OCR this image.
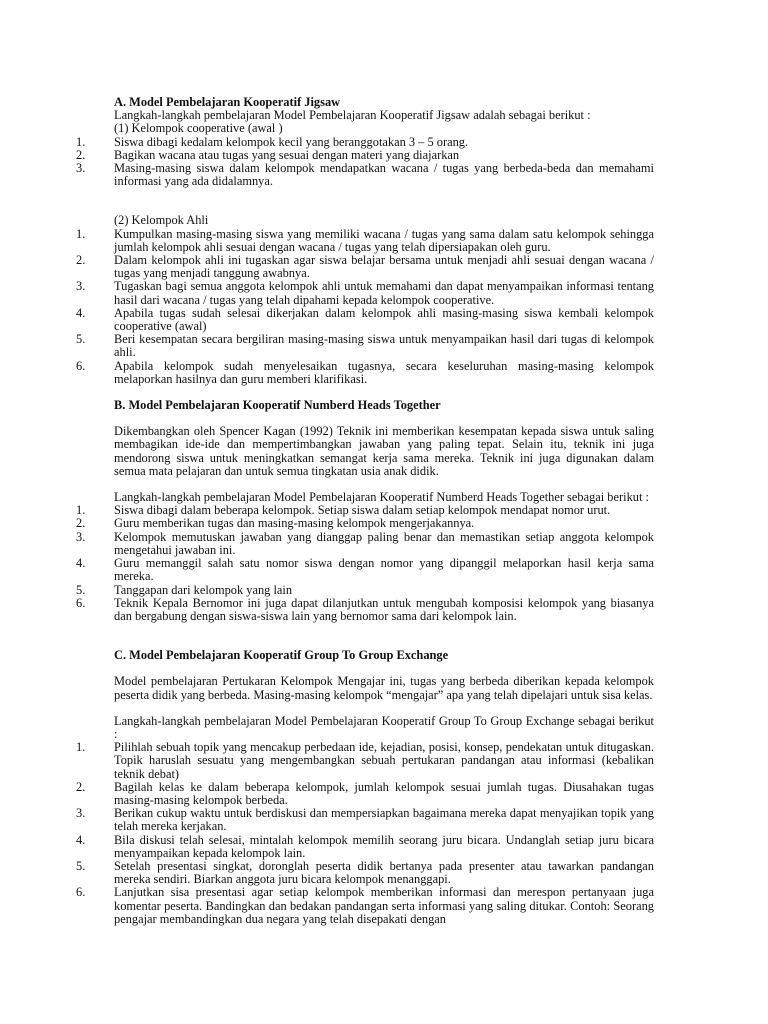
A. Model Pembelajaran Kooperatif Jigsaw
Langkah-langkah pembelajaran Model Pembelajaran Kooperatif Jigsaw adalah sebagai berikut :
(1) Kelompok cooperative (awal )
1.	Siswa dibagi kedalam kelompok kecil yang beranggotakan 3 – 5 orang.
2.	Bagikan wacana atau tugas yang sesuai dengan materi yang diajarkan
3.	Masing-masing siswa dalam kelompok mendapatkan wacana / tugas yang berbeda-beda dan memahami informasi yang ada didalamnya.
(2) Kelompok Ahli
1.	Kumpulkan masing-masing siswa yang memiliki wacana / tugas yang sama dalam satu kelompok sehingga jumlah kelompok ahli sesuai dengan wacana / tugas yang telah dipersiapakan oleh guru.
2.	Dalam kelompok ahli ini tugaskan agar siswa belajar bersama untuk menjadi ahli sesuai dengan wacana / tugas yang menjadi tanggung awabnya.
3.	Tugaskan bagi semua anggota kelompok ahli untuk memahami dan dapat menyampaikan informasi tentang hasil dari wacana / tugas yang telah dipahami kepada kelompok cooperative.
4.	Apabila tugas sudah selesai dikerjakan dalam kelompok ahli masing-masing siswa kembali kelompok cooperative (awal)
5.	Beri kesempatan secara bergiliran masing-masing siswa untuk menyampaikan hasil dari tugas di kelompok ahli.
6.	Apabila kelompok sudah menyelesaikan tugasnya, secara keseluruhan masing-masing kelompok melaporkan hasilnya dan guru memberi klarifikasi.
B. Model Pembelajaran Kooperatif Numberd Heads Together
Dikembangkan oleh Spencer Kagan (1992) Teknik ini memberikan kesempatan kepada siswa untuk saling membagikan ide-ide dan mempertimbangkan jawaban yang paling tepat. Selain itu, teknik ini juga mendorong siswa untuk meningkatkan semangat kerja sama mereka. Teknik ini juga digunakan dalam semua mata pelajaran dan untuk semua tingkatan usia anak didik.
Langkah-langkah pembelajaran Model Pembelajaran Kooperatif Numberd Heads Together sebagai berikut :
1.	Siswa dibagi dalam beberapa kelompok. Setiap siswa dalam setiap kelompok mendapat nomor urut.
2.	Guru memberikan tugas dan masing-masing kelompok mengerjakannya.
3.	Kelompok memutuskan jawaban yang dianggap paling benar dan memastikan setiap anggota kelompok mengetahui jawaban ini.
4.	Guru memanggil salah satu nomor siswa dengan nomor yang dipanggil melaporkan hasil kerja sama mereka.
5.	Tanggapan dari kelompok yang lain
6.	Teknik Kepala Bernomor ini juga dapat dilanjutkan untuk mengubah komposisi kelompok yang biasanya dan bergabung dengan siswa-siswa lain yang bernomor sama dari kelompok lain.
C. Model Pembelajaran Kooperatif Group To Group Exchange
Model pembelajaran Pertukaran Kelompok Mengajar ini, tugas yang berbeda diberikan kepada kelompok peserta didik yang berbeda. Masing-masing kelompok “mengajar” apa yang telah dipelajari untuk sisa kelas.
Langkah-langkah pembelajaran Model Pembelajaran Kooperatif Group To Group Exchange sebagai berikut :
1.	Pilihlah sebuah topik yang mencakup perbedaan ide, kejadian, posisi, konsep, pendekatan untuk ditugaskan. Topik haruslah sesuatu yang mengembangkan sebuah pertukaran pandangan atau informasi (kebalikan teknik debat)
2.	Bagilah kelas ke dalam beberapa kelompok, jumlah kelompok sesuai jumlah tugas. Diusahakan tugas masing-masing kelompok berbeda.
3.	Berikan cukup waktu untuk berdiskusi dan mempersiapkan bagaimana mereka dapat menyajikan topik yang telah mereka kerjakan.
4.	Bila diskusi telah selesai, mintalah kelompok memilih seorang juru bicara. Undanglah setiap juru bicara menyampaikan kepada kelompok lain.
5.	Setelah presentasi singkat, doronglah peserta didik bertanya pada presenter atau tawarkan pandangan mereka sendiri. Biarkan anggota juru bicara kelompok menanggapi.
6.	Lanjutkan sisa presentasi agar setiap kelompok memberikan informasi dan merespon pertanyaan juga komentar peserta. Bandingkan dan bedakan pandangan serta informasi yang saling ditukar. Contoh: Seorang pengajar membandingkan dua negara yang telah disepakati dengan
